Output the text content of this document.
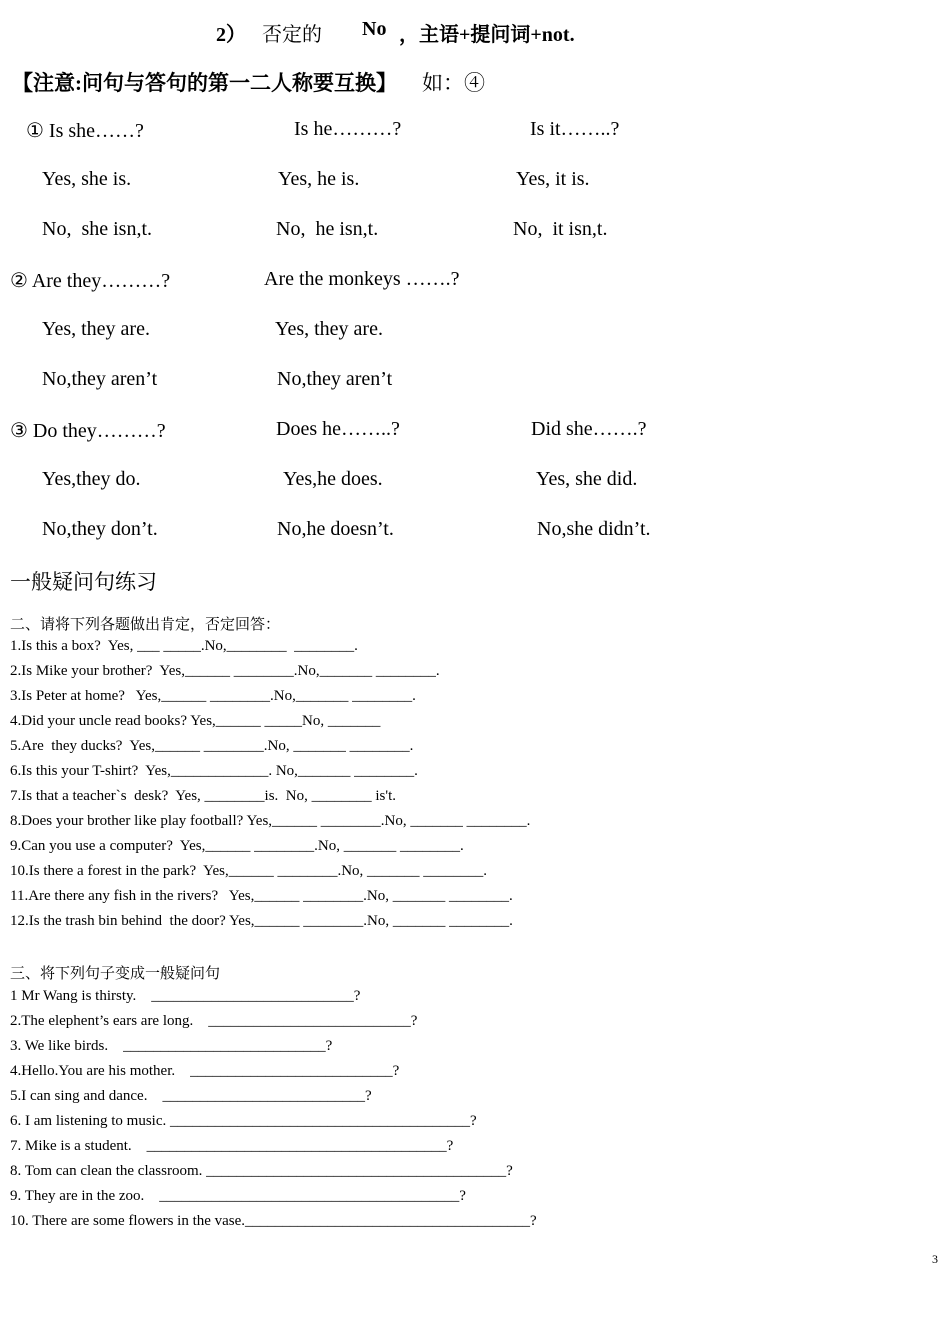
2） 否定的 No ，主语+提问词+not.
【注意:问句与答句的第一二人称要互换】 如：④
① Is she……?	Is he………?	Is it……..?
Yes, she is.	Yes, he is.	Yes, it is.
No,  she isn,t.	No,  he isn,t.	No,  it isn,t.
② Are they………?	Are the monkeys …….?
Yes, they are.	Yes, they are.
No,they aren’t	No,they aren’t
③ Do they………?	Does he……..?	Did she…….?
Yes,they do.	Yes,he does.	Yes, she did.
No,they don’t.	No,he doesn’t.	No,she didn’t.
一般疑问句练习
二、请将下列各题做出肯定，否定回答：
1.Is this a box?  Yes, ___ _____.No,________  ________.
2.Is Mike your brother?  Yes,______ ________.No,_______ ________.
3.Is Peter at home?   Yes,______ ________.No,_______ ________.
4.Did your uncle read books? Yes,______ _____No, _______
5.Are  they ducks?  Yes,______ ________.No, _______ ________.
6.Is this your T-shirt?  Yes,_____________. No,_______ ________.
7.Is that a teacher`s  desk?  Yes, ________is.  No, ________ is't.
8.Does your brother like play football? Yes,______ ________.No, _______ ________.
9.Can you use a computer?  Yes,______ ________.No, _______ ________.
10.Is there a forest in the park?  Yes,______ ________.No, _______ ________.
11.Are there any fish in the rivers?   Yes,______ ________.No, _______ ________.
12.Is the trash bin behind  the door? Yes,______ ________.No, _______ ________.
三、将下列句子变成一般疑问句
1 Mr Wang is thirsty.    ___________________________?
2.The elephent’s ears are long.    ___________________________?
3. We like birds.    ___________________________?
4.Hello.You are his mother.    ___________________________?
5.I can sing and dance.    ___________________________?
6. I am listening to music. ________________________________________?
7. Mike is a student.    ________________________________________?
8. Tom can clean the classroom. ________________________________________?
9. They are in the zoo.    ________________________________________?
10. There are some flowers in the vase.______________________________________?
3
